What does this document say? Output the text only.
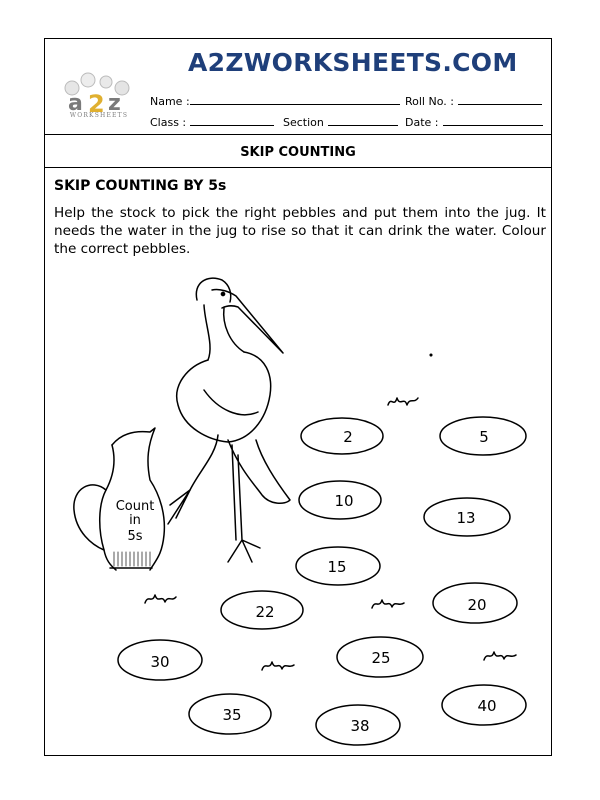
A2ZWORKSHEETS.COM
a 2 z
WORKSHEETS
Name :	Roll No. :
Class :	Section	Date :
SKIP COUNTING
SKIP COUNTING BY 5s
Help the stock to pick the right pebbles and put them into the jug. It needs the water in the jug to rise so that it can drink the water. Colour the correct pebbles.
Count
in
5s
2	5
10
13
15
22	20
30	25
35	40
38
